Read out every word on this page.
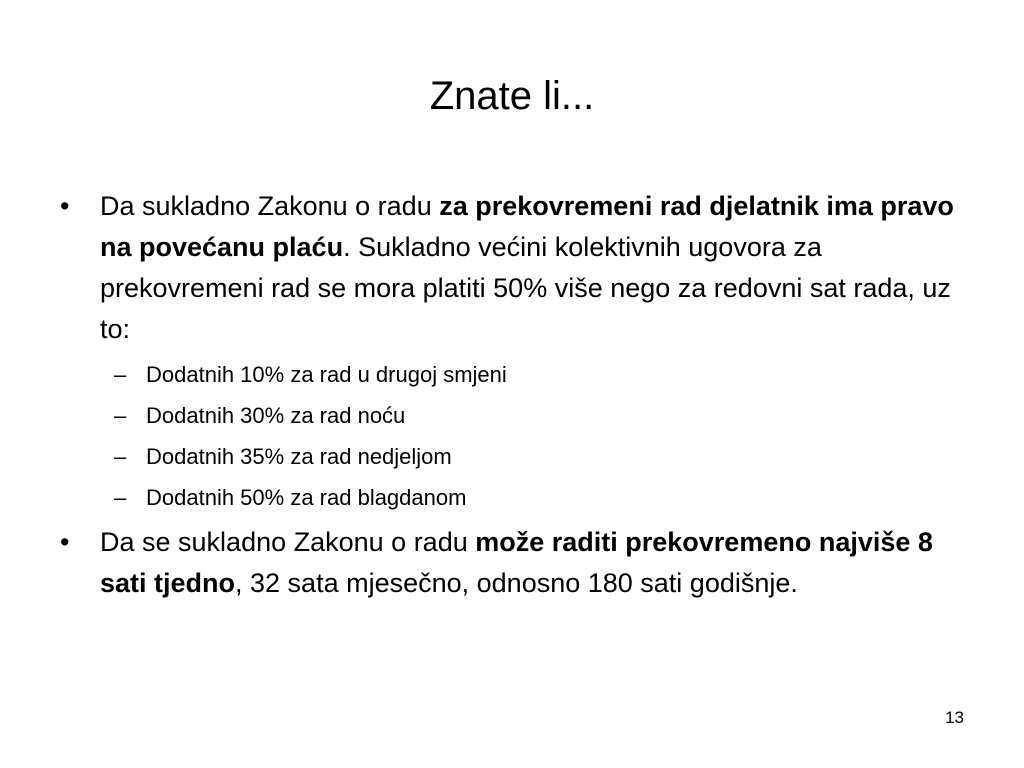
Znate li...
• Da sukladno Zakonu o radu za prekovremeni rad djelatnik ima pravo na povećanu plaću. Sukladno većini kolektivnih ugovora za prekovremeni rad se mora platiti 50% više nego za redovni sat rada, uz to:
– Dodatnih 10% za rad u drugoj smjeni
– Dodatnih 30% za rad noću
– Dodatnih 35% za rad nedjeljom
– Dodatnih 50% za rad blagdanom
• Da se sukladno Zakonu o radu može raditi prekovremeno najviše 8 sati tjedno, 32 sata mjesečno, odnosno 180 sati godišnje.
13
